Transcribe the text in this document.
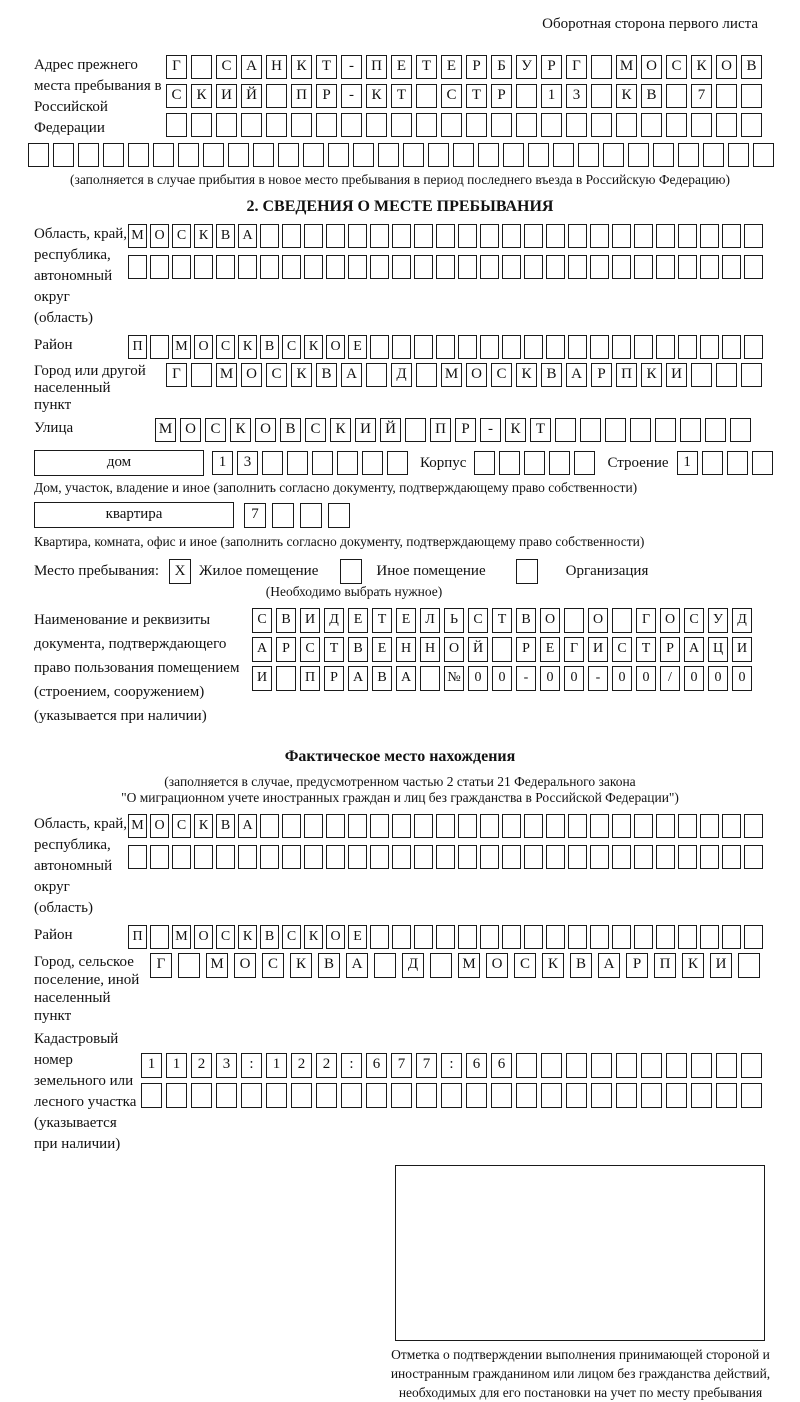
Оборотная сторона первого листа
Адрес прежнего места пребывания в Российской Федерации
Г	С А Н К	Т	-	П Е	Т	Е	Р	Б	У	Р	Г	М О С К О В
С К И Й	П	Р	-	К	Т	С	Т	Р	1	3	К В	7
(заполняется в случае прибытия в новое место пребывания в период последнего въезда в Российскую Федерацию)
2. СВЕДЕНИЯ О МЕСТЕ ПРЕБЫВАНИЯ
Область, край, республика, автономный округ (область)
М О С К В А
Район	П	М О С К В С К О Е
Город или другой населенный пункт
Г	М О С К В А	Д	М О С К В А	Р	П К И
Улица	М О С К О В С К И Й	П	Р	-	К	Т
дом	1	3	Корпус	Строение 1
Дом, участок, владение и иное (заполнить согласно документу, подтверждающему право собственности)
квартира	7
Квартира, комната, офис и иное (заполнить согласно документу, подтверждающему право собственности)
Место пребывания:	X Жилое помещение	Иное помещение	Организация
(Необходимо выбрать нужное)
Наименование и реквизиты документа, подтверждающего право пользования помещением (строением, сооружением) (указывается при наличии)
С	В	И	Д	Е	Т	Е	Л	Ь	С	Т	В	О	О	Г	О	С	У	Д
А	Р	С	Т	В	Е	Н Н О Й	Р	Е	Г	И	С	Т	Р	А Ц И
И	П	Р	А	В	А	№ 0	0	-	0	0	-	0	0	/	0	0	0
Фактическое место нахождения
(заполняется в случае, предусмотренном частью 2 статьи 21 Федерального закона
"О миграционном учете иностранных граждан и лиц без гражданства в Российской Федерации")
Область, край, республика, автономный округ (область)
М О С К В А
Район	П	М О С К В С К О Е
Город, сельское поселение, иной населенный пункт
Г	М	О	С	К	В	А	Д	М	О	С	К	В	А	Р	П	К	И
Кадастровый номер земельного или лесного участка (указывается при наличии)
1	1	2	3	:	1	2	2	:	6	7	7	:	6	6
Отметка о подтверждении выполнения принимающей стороной и иностранным гражданином или лицом без гражданства действий, необходимых для его постановки на учет по месту пребывания
